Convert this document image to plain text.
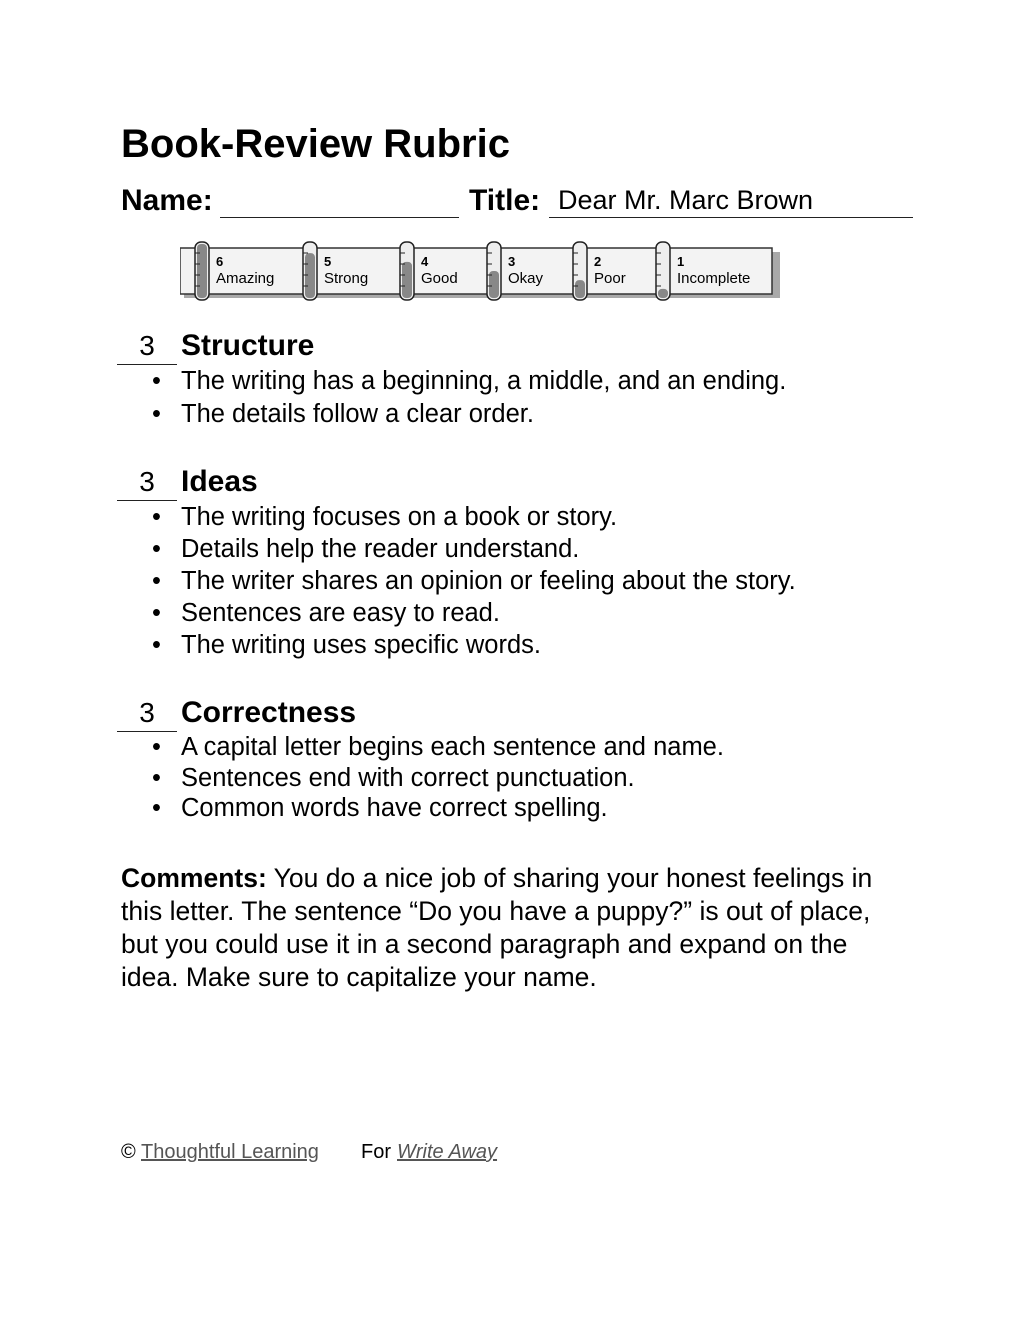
Book-Review Rubric
Name:	Title: Dear Mr. Marc Brown
6
Amazing
5
Strong
4
Good
3
Okay
2
Poor
1
Incomplete
3 Structure
• The writing has a beginning, a middle, and an ending.
• The details follow a clear order.
3 Ideas
• The writing focuses on a book or story.
• Details help the reader understand.
• The writer shares an opinion or feeling about the story.
• Sentences are easy to read.
• The writing uses specific words.
3 Correctness
• A capital letter begins each sentence and name.
• Sentences end with correct punctuation.
• Common words have correct spelling.
Comments: You do a nice job of sharing your honest feelings in this letter. The sentence “Do you have a puppy?” is out of place, but you could use it in a second paragraph and expand on the idea. Make sure to capitalize your name.
© Thoughtful Learning For Write Away
